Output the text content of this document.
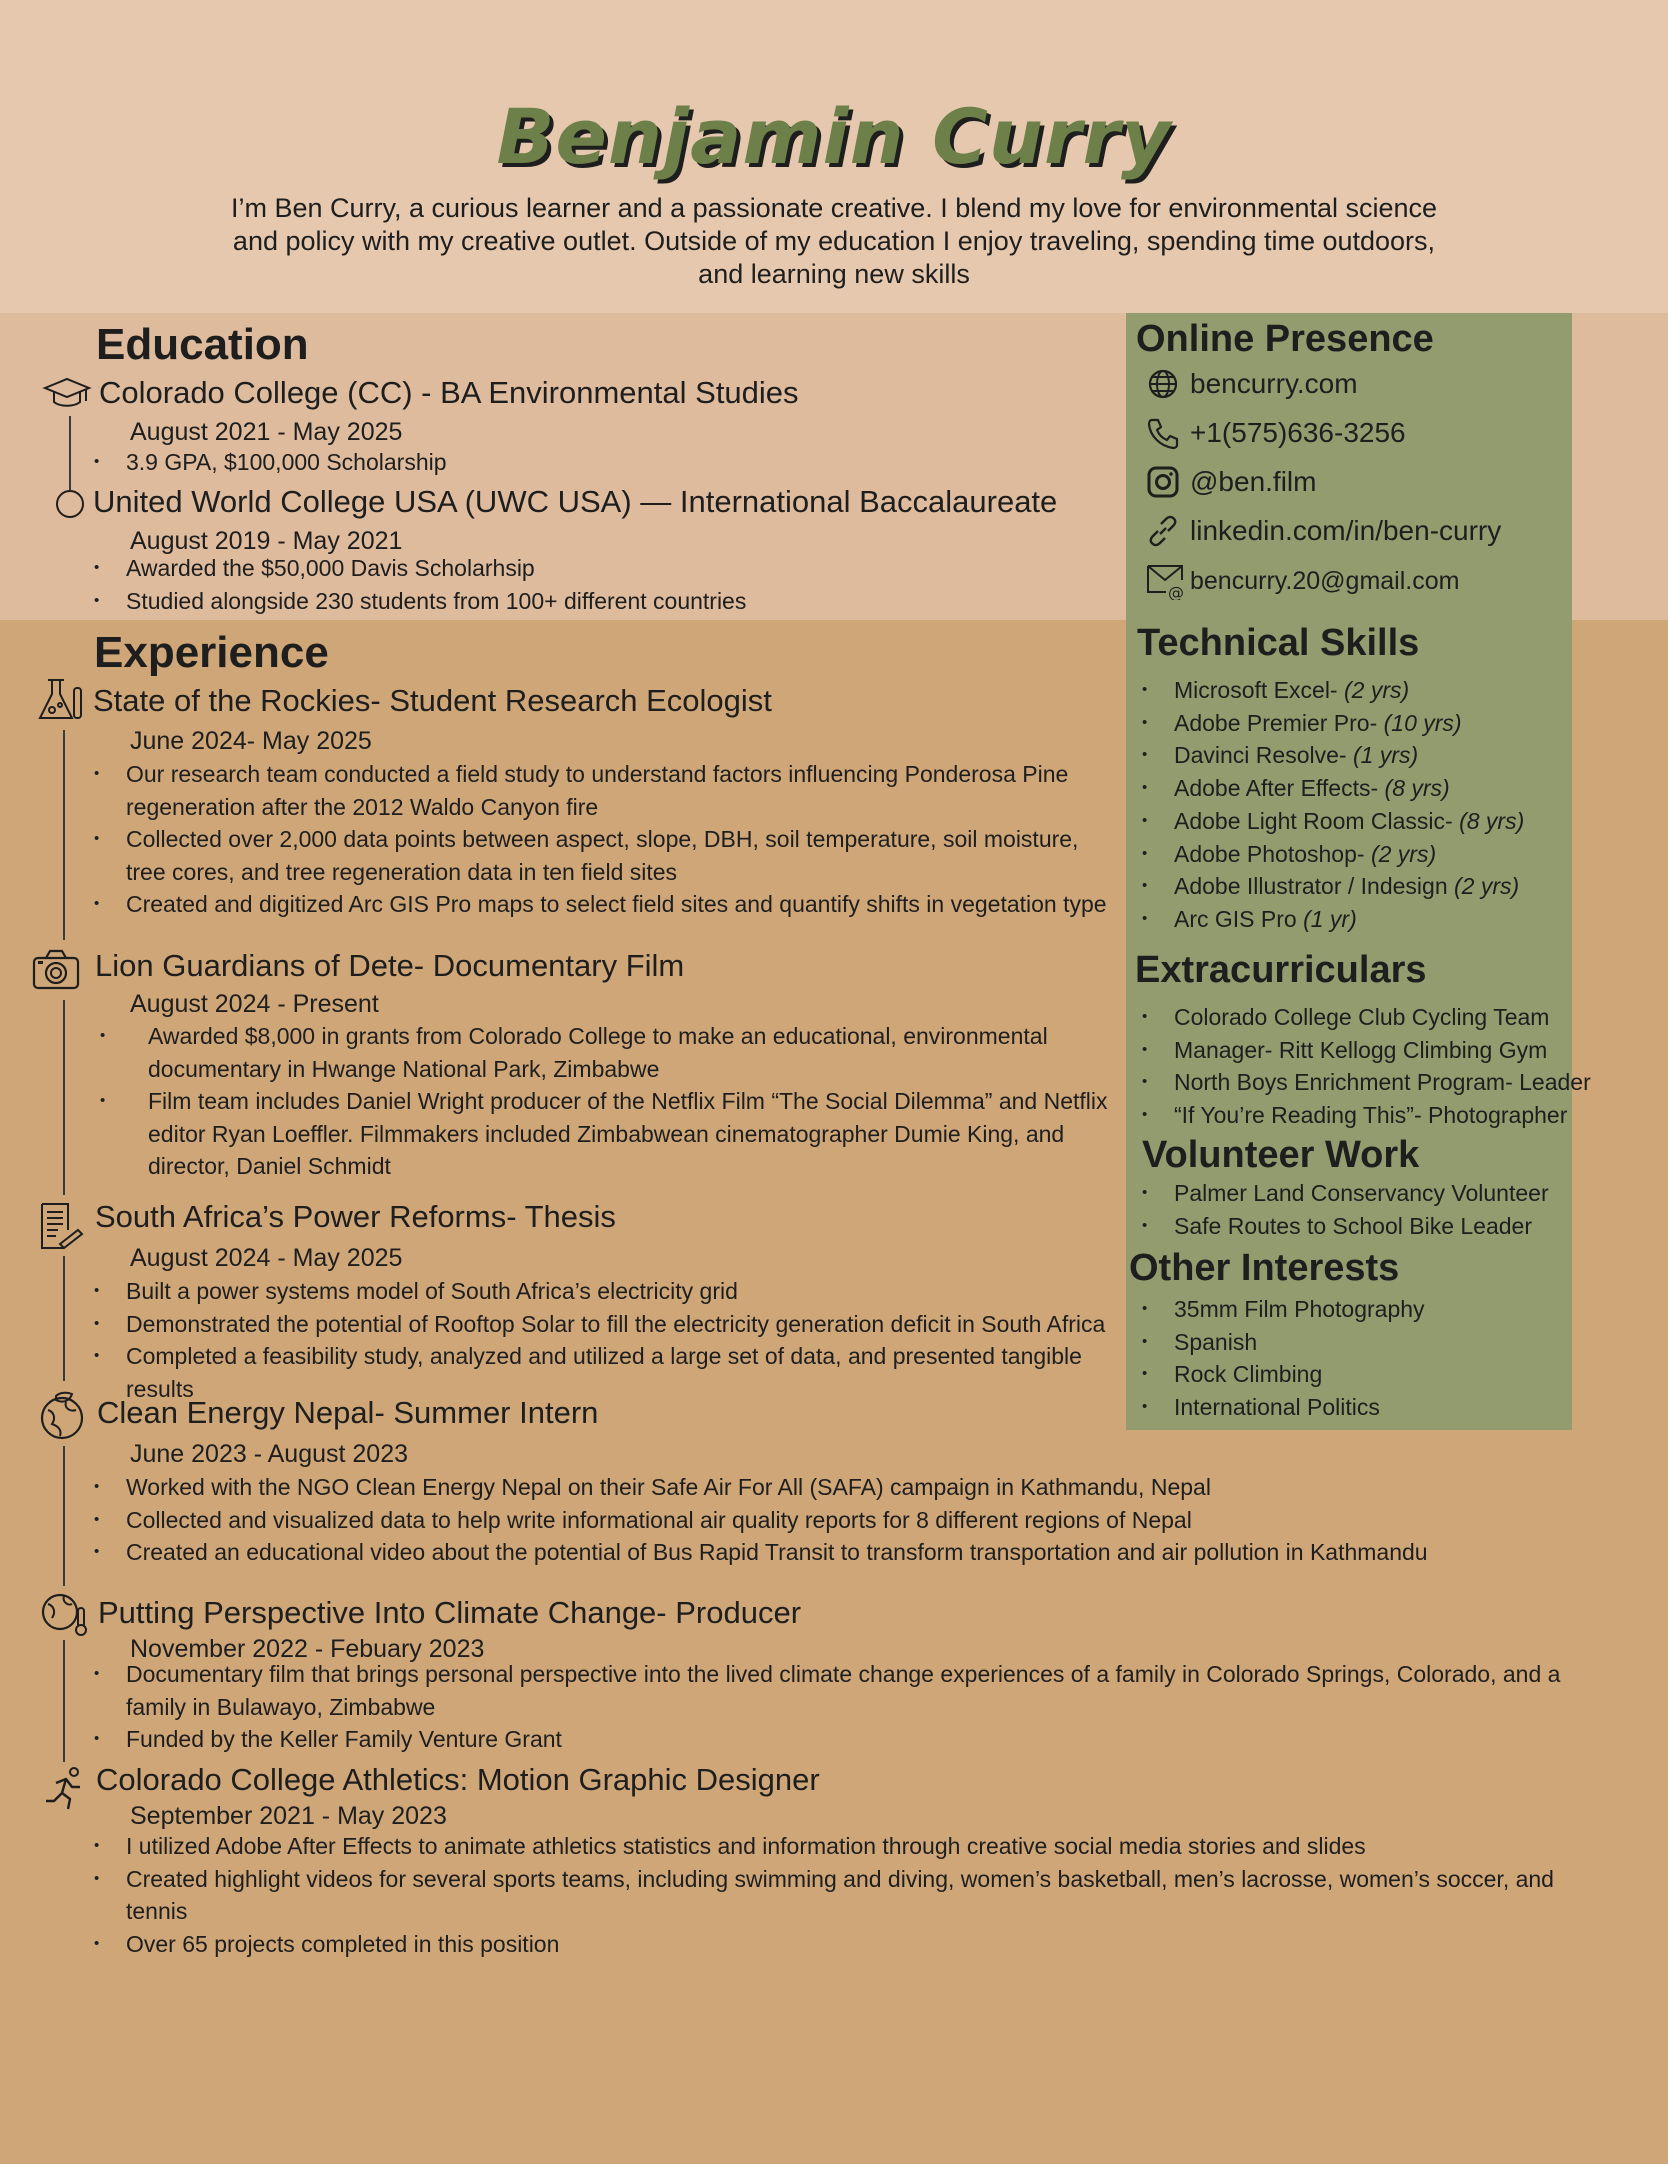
Benjamin Curry
I’m Ben Curry, a curious learner and a passionate creative. I blend my love for environmental science and policy with my creative outlet. Outside of my education I enjoy traveling, spending time outdoors, and learning new skills
Education
Colorado College (CC) - BA Environmental Studies
August 2021 - May 2025
• 3.9 GPA, $100,000 Scholarship
United World College USA (UWC USA) — International Baccalaureate
August 2019 - May 2021
• Awarded the $50,000 Davis Scholarhsip
• Studied alongside 230 students from 100+ different countries
Experience
State of the Rockies- Student Research Ecologist
June 2024- May 2025
• Our research team conducted a field study to understand factors influencing Ponderosa Pine regeneration after the 2012 Waldo Canyon fire
• Collected over 2,000 data points between aspect, slope, DBH, soil temperature, soil moisture, tree cores, and tree regeneration data in ten field sites
• Created and digitized Arc GIS Pro maps to select field sites and quantify shifts in vegetation type
Lion Guardians of Dete- Documentary Film
August 2024 - Present
• Awarded $8,000 in grants from Colorado College to make an educational, environmental documentary in Hwange National Park, Zimbabwe
• Film team includes Daniel Wright producer of the Netflix Film “The Social Dilemma” and Netflix editor Ryan Loeffler. Filmmakers included Zimbabwean cinematographer Dumie King, and director, Daniel Schmidt
South Africa’s Power Reforms- Thesis
August 2024 - May 2025
• Built a power systems model of South Africa’s electricity grid
• Demonstrated the potential of Rooftop Solar to fill the electricity generation deficit in South Africa
• Completed a feasibility study, analyzed and utilized a large set of data, and presented tangible results
Clean Energy Nepal- Summer Intern
June 2023 - August 2023
• Worked with the NGO Clean Energy Nepal on their Safe Air For All (SAFA) campaign in Kathmandu, Nepal
• Collected and visualized data to help write informational air quality reports for 8 different regions of Nepal
• Created an educational video about the potential of Bus Rapid Transit to transform transportation and air pollution in Kathmandu
Putting Perspective Into Climate Change- Producer
November 2022 - Febuary 2023
• Documentary film that brings personal perspective into the lived climate change experiences of a family in Colorado Springs, Colorado, and a family in Bulawayo, Zimbabwe
• Funded by the Keller Family Venture Grant
Colorado College Athletics: Motion Graphic Designer
September 2021 - May 2023
• I utilized Adobe After Effects to animate athletics statistics and information through creative social media stories and slides
• Created highlight videos for several sports teams, including swimming and diving, women’s basketball, men’s lacrosse, women’s soccer, and tennis
• Over 65 projects completed in this position
Online Presence
bencurry.com
+1(575)636-3256
@ben.film
linkedin.com/in/ben-curry
@ bencurry.20@gmail.com
Technical Skills
• Microsoft Excel- (2 yrs)
• Adobe Premier Pro- (10 yrs)
• Davinci Resolve- (1 yrs)
• Adobe After Effects- (8 yrs)
• Adobe Light Room Classic- (8 yrs)
• Adobe Photoshop- (2 yrs)
• Adobe Illustrator / Indesign (2 yrs)
• Arc GIS Pro (1 yr)
Extracurriculars
• Colorado College Club Cycling Team
• Manager- Ritt Kellogg Climbing Gym
• North Boys Enrichment Program- Leader
• “If You’re Reading This”- Photographer
Volunteer Work
• Palmer Land Conservancy Volunteer
• Safe Routes to School Bike Leader
Other Interests
• 35mm Film Photography
• Spanish
• Rock Climbing
• International Politics
